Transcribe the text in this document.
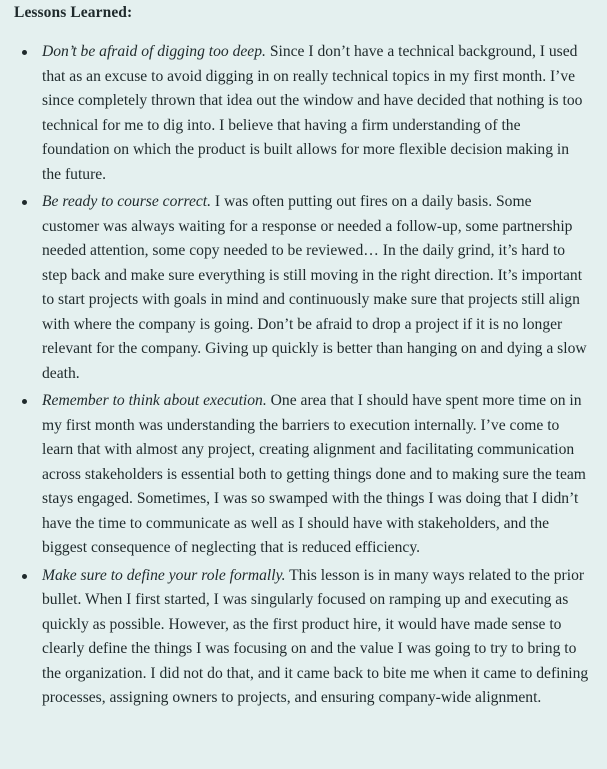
Lessons Learned:
Don’t be afraid of digging too deep. Since I don’t have a technical background, I used that as an excuse to avoid digging in on really technical topics in my first month. I’ve since completely thrown that idea out the window and have decided that nothing is too technical for me to dig into. I believe that having a firm understanding of the foundation on which the product is built allows for more flexible decision making in the future.
Be ready to course correct. I was often putting out fires on a daily basis. Some customer was always waiting for a response or needed a follow-up, some partnership needed attention, some copy needed to be reviewed… In the daily grind, it’s hard to step back and make sure everything is still moving in the right direction. It’s important to start projects with goals in mind and continuously make sure that projects still align with where the company is going. Don’t be afraid to drop a project if it is no longer relevant for the company. Giving up quickly is better than hanging on and dying a slow death.
Remember to think about execution. One area that I should have spent more time on in my first month was understanding the barriers to execution internally. I’ve come to learn that with almost any project, creating alignment and facilitating communication across stakeholders is essential both to getting things done and to making sure the team stays engaged. Sometimes, I was so swamped with the things I was doing that I didn’t have the time to communicate as well as I should have with stakeholders, and the biggest consequence of neglecting that is reduced efficiency.
Make sure to define your role formally. This lesson is in many ways related to the prior bullet. When I first started, I was singularly focused on ramping up and executing as quickly as possible. However, as the first product hire, it would have made sense to clearly define the things I was focusing on and the value I was going to try to bring to the organization. I did not do that, and it came back to bite me when it came to defining processes, assigning owners to projects, and ensuring company-wide alignment.
